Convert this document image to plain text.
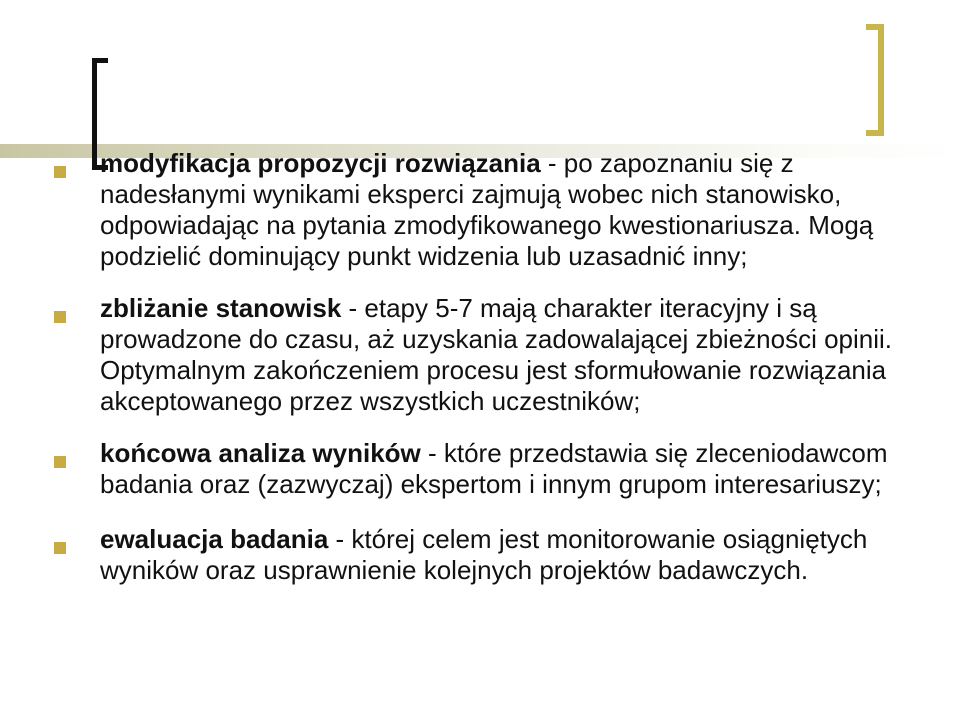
modyfikacja propozycji rozwiązania - po zapoznaniu się z nadesłanymi wynikami eksperci zajmują wobec nich stanowisko, odpowiadając na pytania zmodyfikowanego kwestionariusza. Mogą podzielić dominujący punkt widzenia lub uzasadnić inny;
zbliżanie stanowisk - etapy 5-7 mają charakter iteracyjny i są prowadzone do czasu, aż uzyskania zadowalającej zbieżności opinii. Optymalnym zakończeniem procesu jest sformułowanie rozwiązania akceptowanego przez wszystkich uczestników;
końcowa analiza wyników - które przedstawia się zleceniodawcom badania oraz (zazwyczaj) ekspertom i innym grupom interesariuszy;
ewaluacja badania - której celem jest monitorowanie osiągniętych wyników oraz usprawnienie kolejnych projektów badawczych.
